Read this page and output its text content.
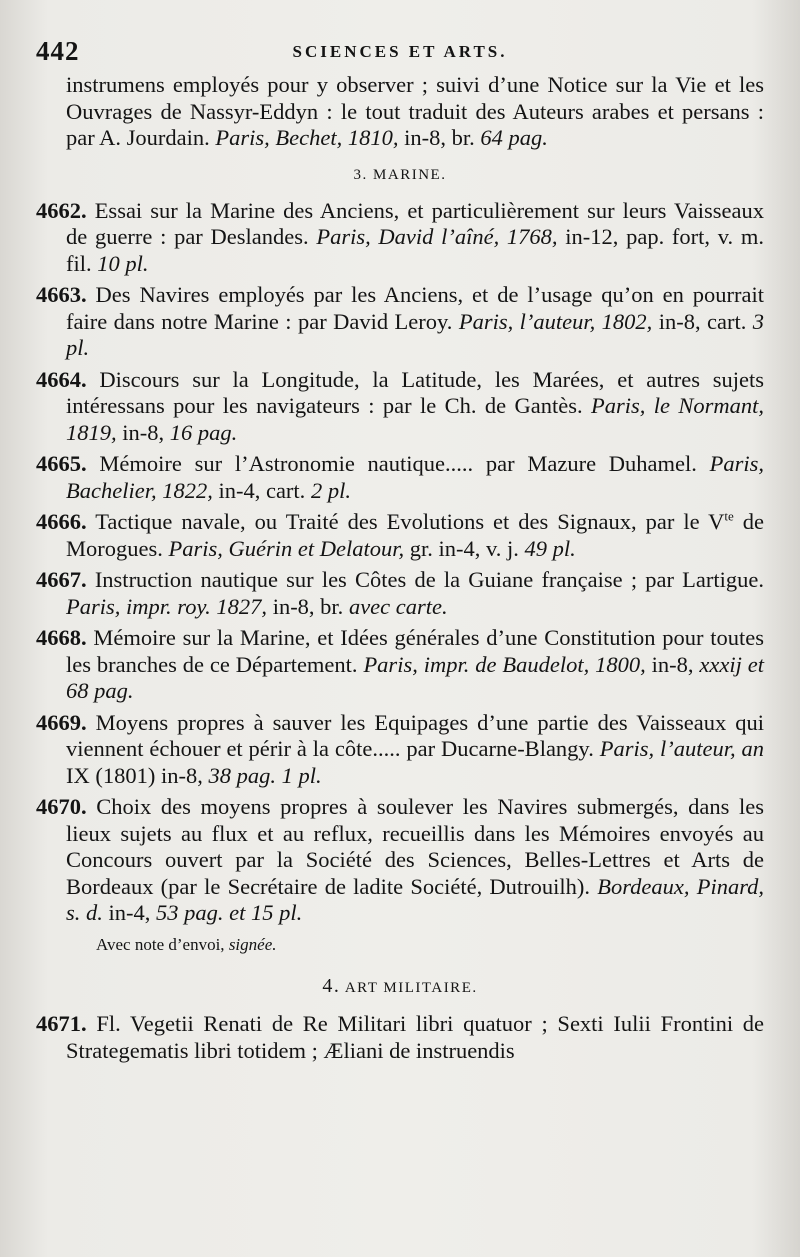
442	SCIENCES ET ARTS.

instrumens employés pour y observer ; suivi d’une Notice sur la Vie et les Ouvrages de Nassyr-Eddyn : le tout traduit des Auteurs arabes et persans : par A. Jourdain. Paris, Bechet, 1810, in-8, br. 64 pag.

3. MARINE.

4662. Essai sur la Marine des Anciens, et particulièrement sur leurs Vaisseaux de guerre : par Deslandes. Paris, David l’aîné, 1768, in-12, pap. fort, v. m. fil. 10 pl.

4663. Des Navires employés par les Anciens, et de l’usage qu’on en pourrait faire dans notre Marine : par David Leroy. Paris, l’auteur, 1802, in-8, cart. 3 pl.

4664. Discours sur la Longitude, la Latitude, les Marées, et autres sujets intéressans pour les navigateurs : par le Ch. de Gantès. Paris, le Normant, 1819, in-8, 16 pag.

4665. Mémoire sur l’Astronomie nautique..... par Mazure Duhamel. Paris, Bachelier, 1822, in-4, cart. 2 pl.

4666. Tactique navale, ou Traité des Evolutions et des Signaux, par le $V^{te}$ de Morogues. Paris, Guérin et Delatour, gr. in-4, v. j. 49 pl.

4667. Instruction nautique sur les Côtes de la Guiane française ; par Lartigue. Paris, impr. roy. 1827, in-8, br. avec carte.

4668. Mémoire sur la Marine, et Idées générales d’une Constitution pour toutes les branches de ce Département. Paris, impr. de Baudelot, 1800, in-8, xxxij et 68 pag.

4669. Moyens propres à sauver les Equipages d’une partie des Vaisseaux qui viennent échouer et périr à la côte..... par Ducarne-Blangy. Paris, l’auteur, an IX (1801) in-8, 38 pag. 1 pl.

4670. Choix des moyens propres à soulever les Navires submergés, dans les lieux sujets au flux et au reflux, recueillis dans les Mémoires envoyés au Concours ouvert par la Société des Sciences, Belles-Lettres et Arts de Bordeaux (par le Secrétaire de ladite Société, Dutrouilh). Bordeaux, Pinard, s. d. in-4, 53 pag. et 15 pl.

Avec note d’envoi, signée.

4. ART MILITAIRE.

4671. Fl. Vegetii Renati de Re Militari libri quatuor ; Sexti Iulii Frontini de Strategematis libri totidem ; Æliani de instruendis
